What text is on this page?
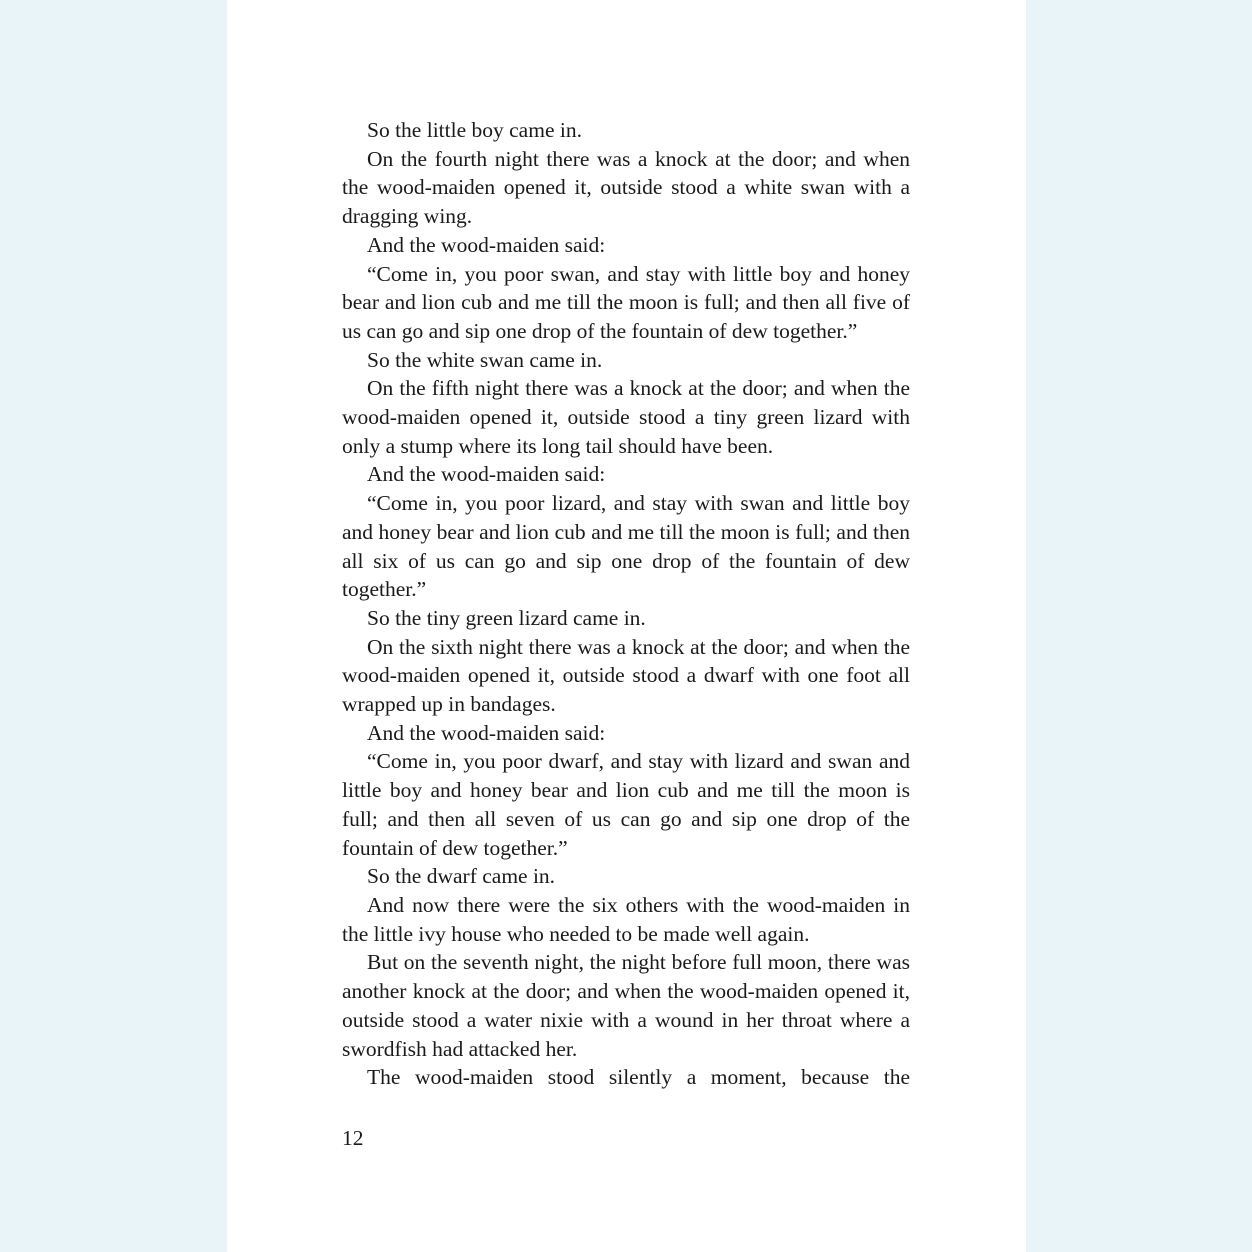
So the little boy came in.

On the fourth night there was a knock at the door; and when the wood-maiden opened it, outside stood a white swan with a dragging wing.

And the wood-maiden said:

“Come in, you poor swan, and stay with little boy and honey bear and lion cub and me till the moon is full; and then all five of us can go and sip one drop of the fountain of dew together.”

So the white swan came in.

On the fifth night there was a knock at the door; and when the wood-maiden opened it, outside stood a tiny green lizard with only a stump where its long tail should have been.

And the wood-maiden said:

“Come in, you poor lizard, and stay with swan and little boy and honey bear and lion cub and me till the moon is full; and then all six of us can go and sip one drop of the fountain of dew together.”

So the tiny green lizard came in.

On the sixth night there was a knock at the door; and when the wood-maiden opened it, outside stood a dwarf with one foot all wrapped up in bandages.

And the wood-maiden said:

“Come in, you poor dwarf, and stay with lizard and swan and little boy and honey bear and lion cub and me till the moon is full; and then all seven of us can go and sip one drop of the fountain of dew together.”

So the dwarf came in.

And now there were the six others with the wood-maiden in the little ivy house who needed to be made well again.

But on the seventh night, the night before full moon, there was another knock at the door; and when the wood-maiden opened it, outside stood a water nixie with a wound in her throat where a swordfish had attacked her.

The wood-maiden stood silently a moment, because the

12
